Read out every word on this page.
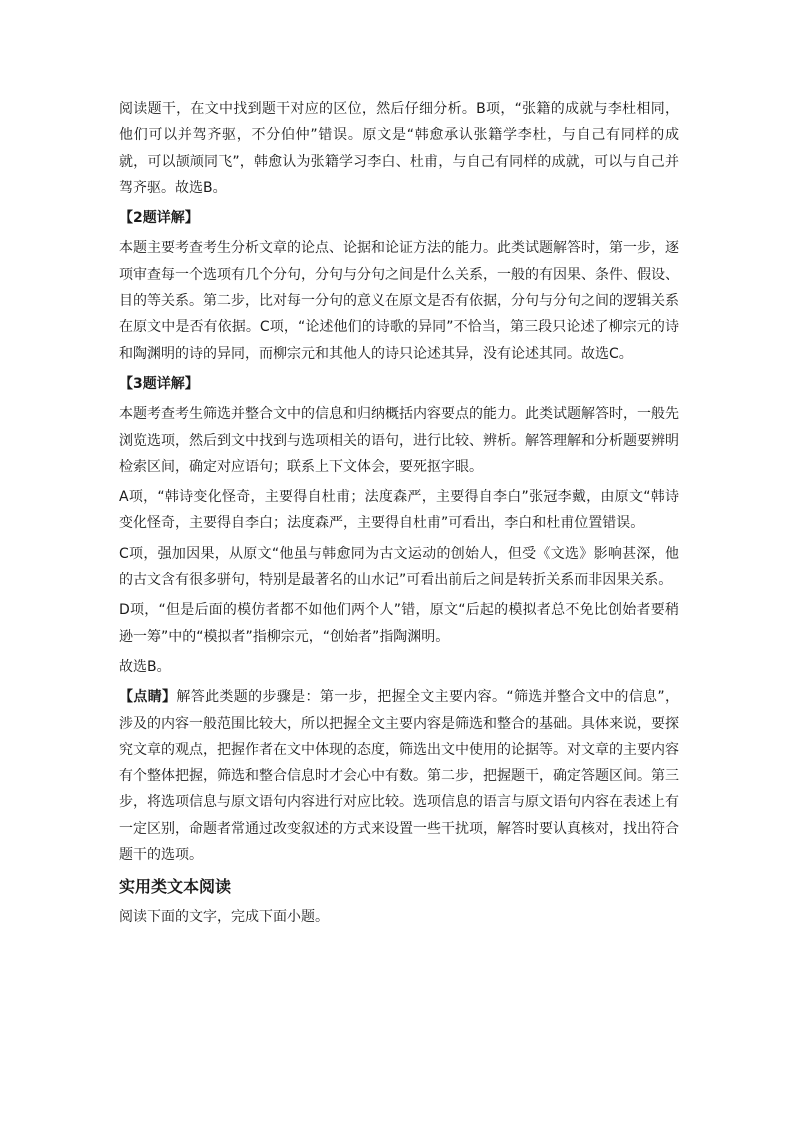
阅读题干，在文中找到题干对应的区位，然后仔细分析。B项，“张籍的成就与李杜相同，他们可以并驾齐驱，不分伯仲”错误。原文是“韩愈承认张籍学李杜，与自己有同样的成就，可以颉颃同飞”，韩愈认为张籍学习李白、杜甫，与自己有同样的成就，可以与自己并驾齐驱。故选B。

【2题详解】

本题主要考查考生分析文章的论点、论据和论证方法的能力。此类试题解答时，第一步，逐项审查每一个选项有几个分句，分句与分句之间是什么关系，一般的有因果、条件、假设、目的等关系。第二步，比对每一分句的意义在原文是否有依据，分句与分句之间的逻辑关系在原文中是否有依据。C项，“论述他们的诗歌的异同”不恰当，第三段只论述了柳宗元的诗和陶渊明的诗的异同，而柳宗元和其他人的诗只论述其异，没有论述其同。故选C。

【3题详解】

本题考查考生筛选并整合文中的信息和归纳概括内容要点的能力。此类试题解答时，一般先浏览选项，然后到文中找到与选项相关的语句，进行比较、辨析。解答理解和分析题要辨明检索区间，确定对应语句；联系上下文体会，要死抠字眼。

A项，“韩诗变化怪奇，主要得自杜甫；法度森严，主要得自李白”张冠李戴，由原文“韩诗变化怪奇，主要得自李白；法度森严，主要得自杜甫”可看出，李白和杜甫位置错误。

C项，强加因果，从原文“他虽与韩愈同为古文运动的创始人，但受《文选》影响甚深，他的古文含有很多骈句，特别是最著名的山水记”可看出前后之间是转折关系而非因果关系。

D项，“但是后面的模仿者都不如他们两个人”错，原文“后起的模拟者总不免比创始者要稍逊一筹”中的“模拟者”指柳宗元，“创始者”指陶渊明。

故选B。

【点睛】解答此类题的步骤是：第一步，把握全文主要内容。“筛选并整合文中的信息”，涉及的内容一般范围比较大，所以把握全文主要内容是筛选和整合的基础。具体来说，要探究文章的观点，把握作者在文中体现的态度，筛选出文中使用的论据等。对文章的主要内容有个整体把握，筛选和整合信息时才会心中有数。第二步，把握题干，确定答题区间。第三步，将选项信息与原文语句内容进行对应比较。选项信息的语言与原文语句内容在表述上有一定区别，命题者常通过改变叙述的方式来设置一些干扰项，解答时要认真核对，找出符合题干的选项。

实用类文本阅读

阅读下面的文字，完成下面小题。
